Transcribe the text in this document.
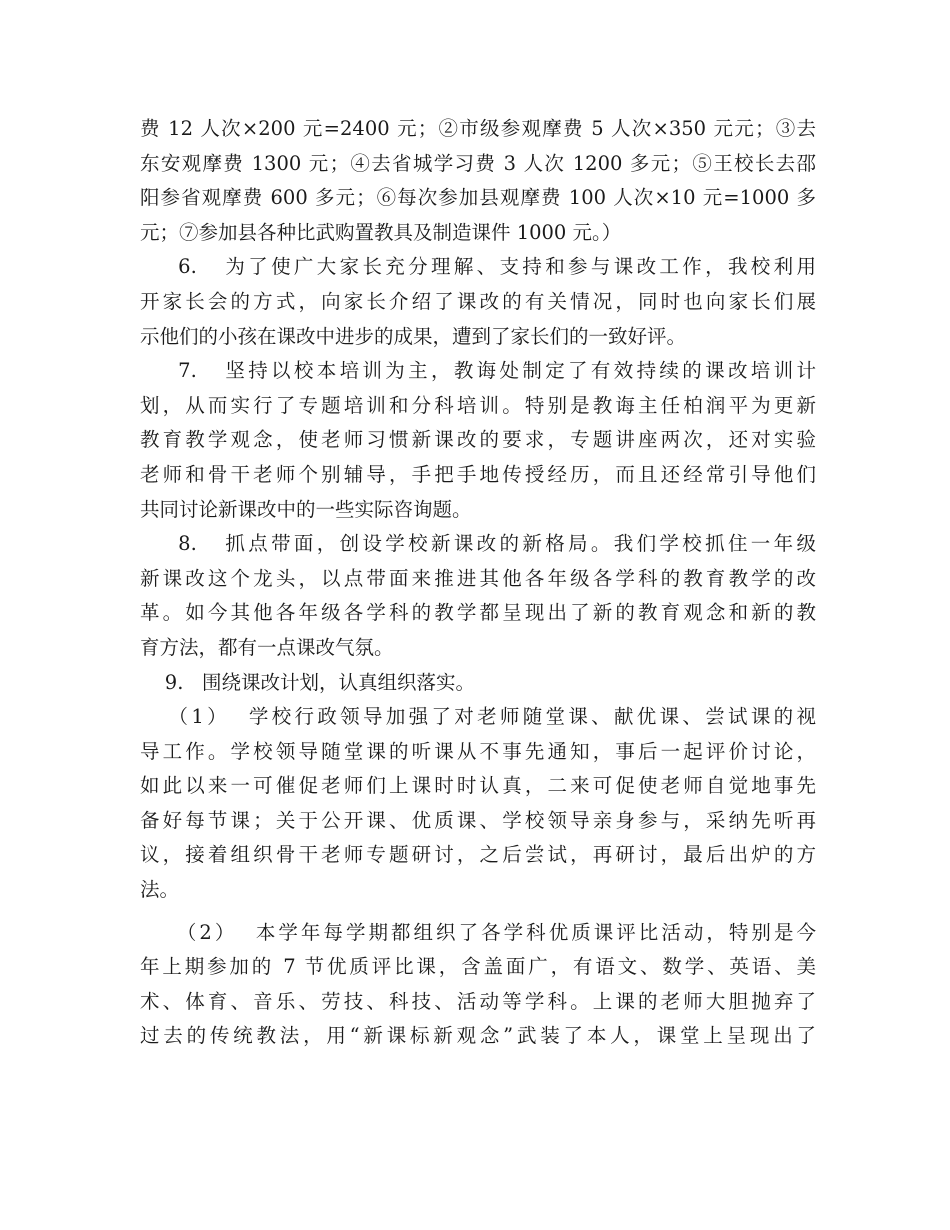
费 12 人次×200 元=2400 元；②市级参观摩费 5 人次×350 元元；③去
东安观摩费 1300 元；④去省城学习费 3 人次 1200 多元；⑤王校长去邵
阳参省观摩费 600 多元；⑥每次参加县观摩费 100 人次×10 元=1000 多
元；⑦参加县各种比武购置教具及制造课件 1000 元。）
6.   为了使广大家长充分理解、支持和参与课改工作，我校利用
开家长会的方式，向家长介绍了课改的有关情况，同时也向家长们展
示他们的小孩在课改中进步的成果，遭到了家长们的一致好评。
7.   坚持以校本培训为主，教诲处制定了有效持续的课改培训计
划，从而实行了专题培训和分科培训。特别是教诲主任柏润平为更新
教育教学观念，使老师习惯新课改的要求，专题讲座两次，还对实验
老师和骨干老师个别辅导，手把手地传授经历，而且还经常引导他们
共同讨论新课改中的一些实际咨询题。
8.   抓点带面，创设学校新课改的新格局。我们学校抓住一年级
新课改这个龙头，以点带面来推进其他各年级各学科的教育教学的改
革。如今其他各年级各学科的教学都呈现出了新的教育观念和新的教
育方法，都有一点课改气氛。
9.   围绕课改计划，认真组织落实。
（1）  学校行政领导加强了对老师随堂课、献优课、尝试课的视
导工作。学校领导随堂课的听课从不事先通知，事后一起评价讨论，
如此以来一可催促老师们上课时时认真，二来可促使老师自觉地事先
备好每节课；关于公开课、优质课、学校领导亲身参与，采纳先听再
议，接着组织骨干老师专题研讨，之后尝试，再研讨，最后出炉的方
法。
（2）  本学年每学期都组织了各学科优质课评比活动，特别是今
年上期参加的 7 节优质评比课，含盖面广，有语文、数学、英语、美
术、体育、音乐、劳技、科技、活动等学科。上课的老师大胆抛弃了
过去的传统教法，用“新课标新观念”武装了本人，课堂上呈现出了
